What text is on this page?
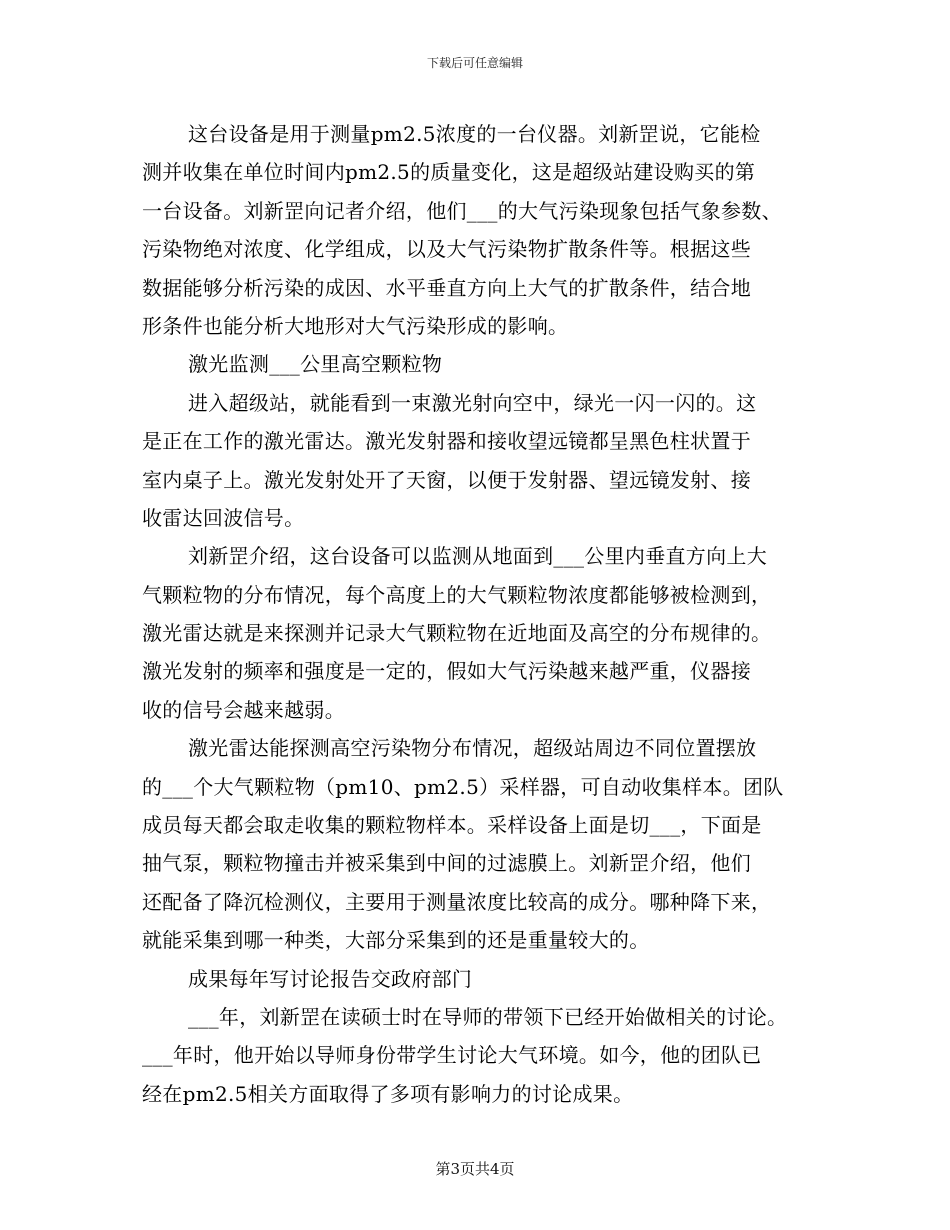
下载后可任意编辑
这台设备是用于测量pm2.5浓度的一台仪器。刘新罡说，它能检
测并收集在单位时间内pm2.5的质量变化，这是超级站建设购买的第
一台设备。刘新罡向记者介绍，他们___的大气污染现象包括气象参数、
污染物绝对浓度、化学组成，以及大气污染物扩散条件等。根据这些
数据能够分析污染的成因、水平垂直方向上大气的扩散条件，结合地
形条件也能分析大地形对大气污染形成的影响。
激光监测___公里高空颗粒物
进入超级站，就能看到一束激光射向空中，绿光一闪一闪的。这
是正在工作的激光雷达。激光发射器和接收望远镜都呈黑色柱状置于
室内桌子上。激光发射处开了天窗，以便于发射器、望远镜发射、接
收雷达回波信号。
刘新罡介绍，这台设备可以监测从地面到___公里内垂直方向上大
气颗粒物的分布情况，每个高度上的大气颗粒物浓度都能够被检测到，
激光雷达就是来探测并记录大气颗粒物在近地面及高空的分布规律的。
激光发射的频率和强度是一定的，假如大气污染越来越严重，仪器接
收的信号会越来越弱。
激光雷达能探测高空污染物分布情况，超级站周边不同位置摆放
的___个大气颗粒物（pm10、pm2.5）采样器，可自动收集样本。团队
成员每天都会取走收集的颗粒物样本。采样设备上面是切___，下面是
抽气泵，颗粒物撞击并被采集到中间的过滤膜上。刘新罡介绍，他们
还配备了降沉检测仪，主要用于测量浓度比较高的成分。哪种降下来，
就能采集到哪一种类，大部分采集到的还是重量较大的。
成果每年写讨论报告交政府部门
___年，刘新罡在读硕士时在导师的带领下已经开始做相关的讨论。
___年时，他开始以导师身份带学生讨论大气环境。如今，他的团队已
经在pm2.5相关方面取得了多项有影响力的讨论成果。
第3页共4页
